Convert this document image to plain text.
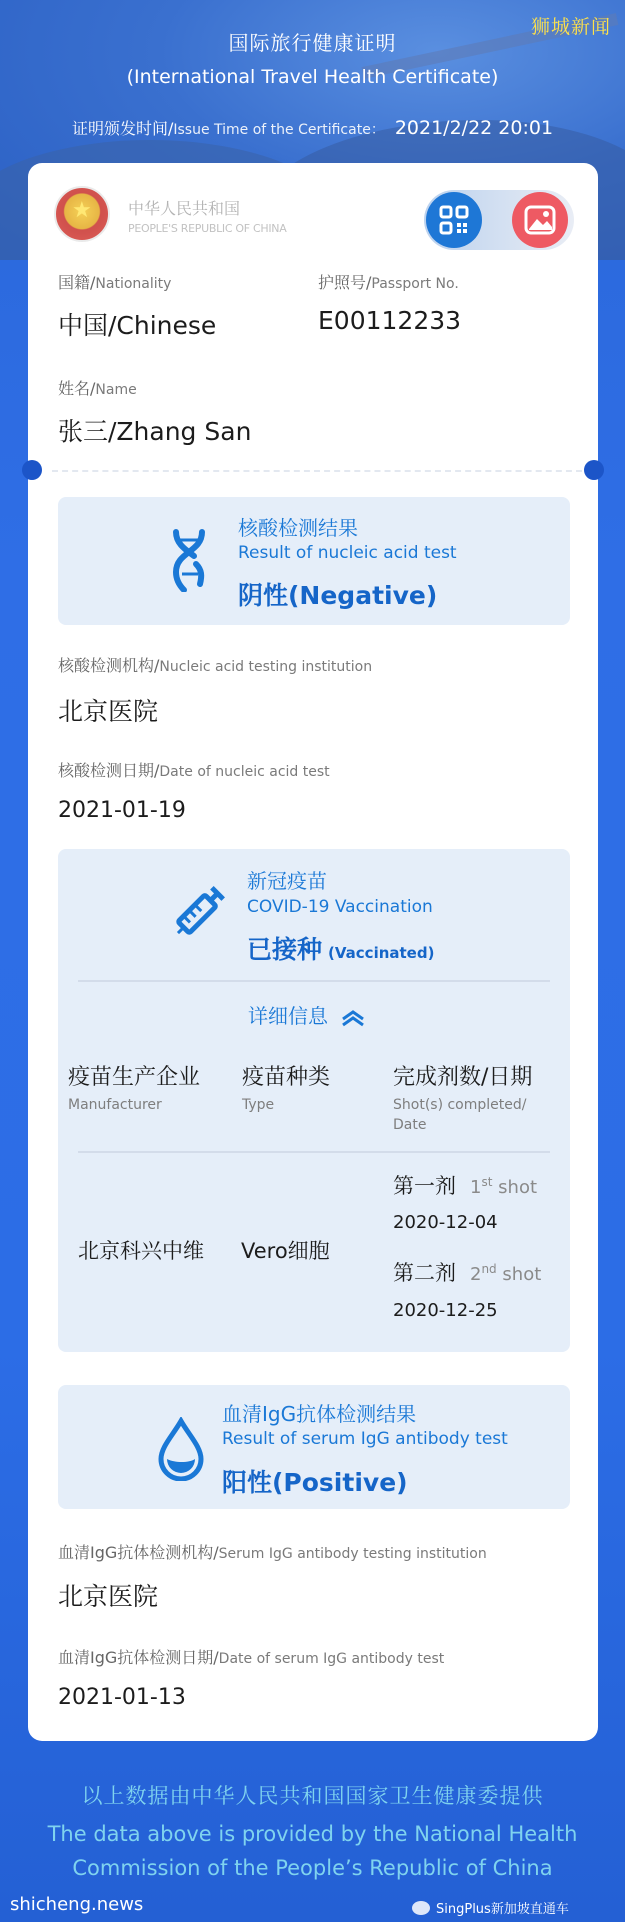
狮城新闻
国际旅行健康证明
(International Travel Health Certificate)
证明颁发时间/Issue Time of the Certificate： 2021/2/22 20:01
★
中华人民共和国
PEOPLE'S REPUBLIC OF CHINA
国籍/Nationality
中国/Chinese
护照号/Passport No.
E00112233
姓名/Name
张三/Zhang San
核酸检测结果
Result of nucleic acid test
阴性(Negative)
核酸检测机构/Nucleic acid testing institution
北京医院
核酸检测日期/Date of nucleic acid test
2021-01-19
新冠疫苗
COVID-19 Vaccination
已接种 (Vaccinated)
详细信息
疫苗生产企业
Manufacturer
疫苗种类
Type
完成剂数/日期
Shot(s) completed/
Date
北京科兴中维 Vero细胞
第一剂 1st shot
2020-12-04
第二剂 2nd shot
2020-12-25
血清IgG抗体检测结果
Result of serum IgG antibody test
阳性(Positive)
血清IgG抗体检测机构/Serum IgG antibody testing institution
北京医院
血清IgG抗体检测日期/Date of serum IgG antibody test
2021-01-13
以上数据由中华人民共和国国家卫生健康委提供
The data above is provided by the National Health
Commission of the People’s Republic of China
shicheng.news	SingPlus新加坡直通车
